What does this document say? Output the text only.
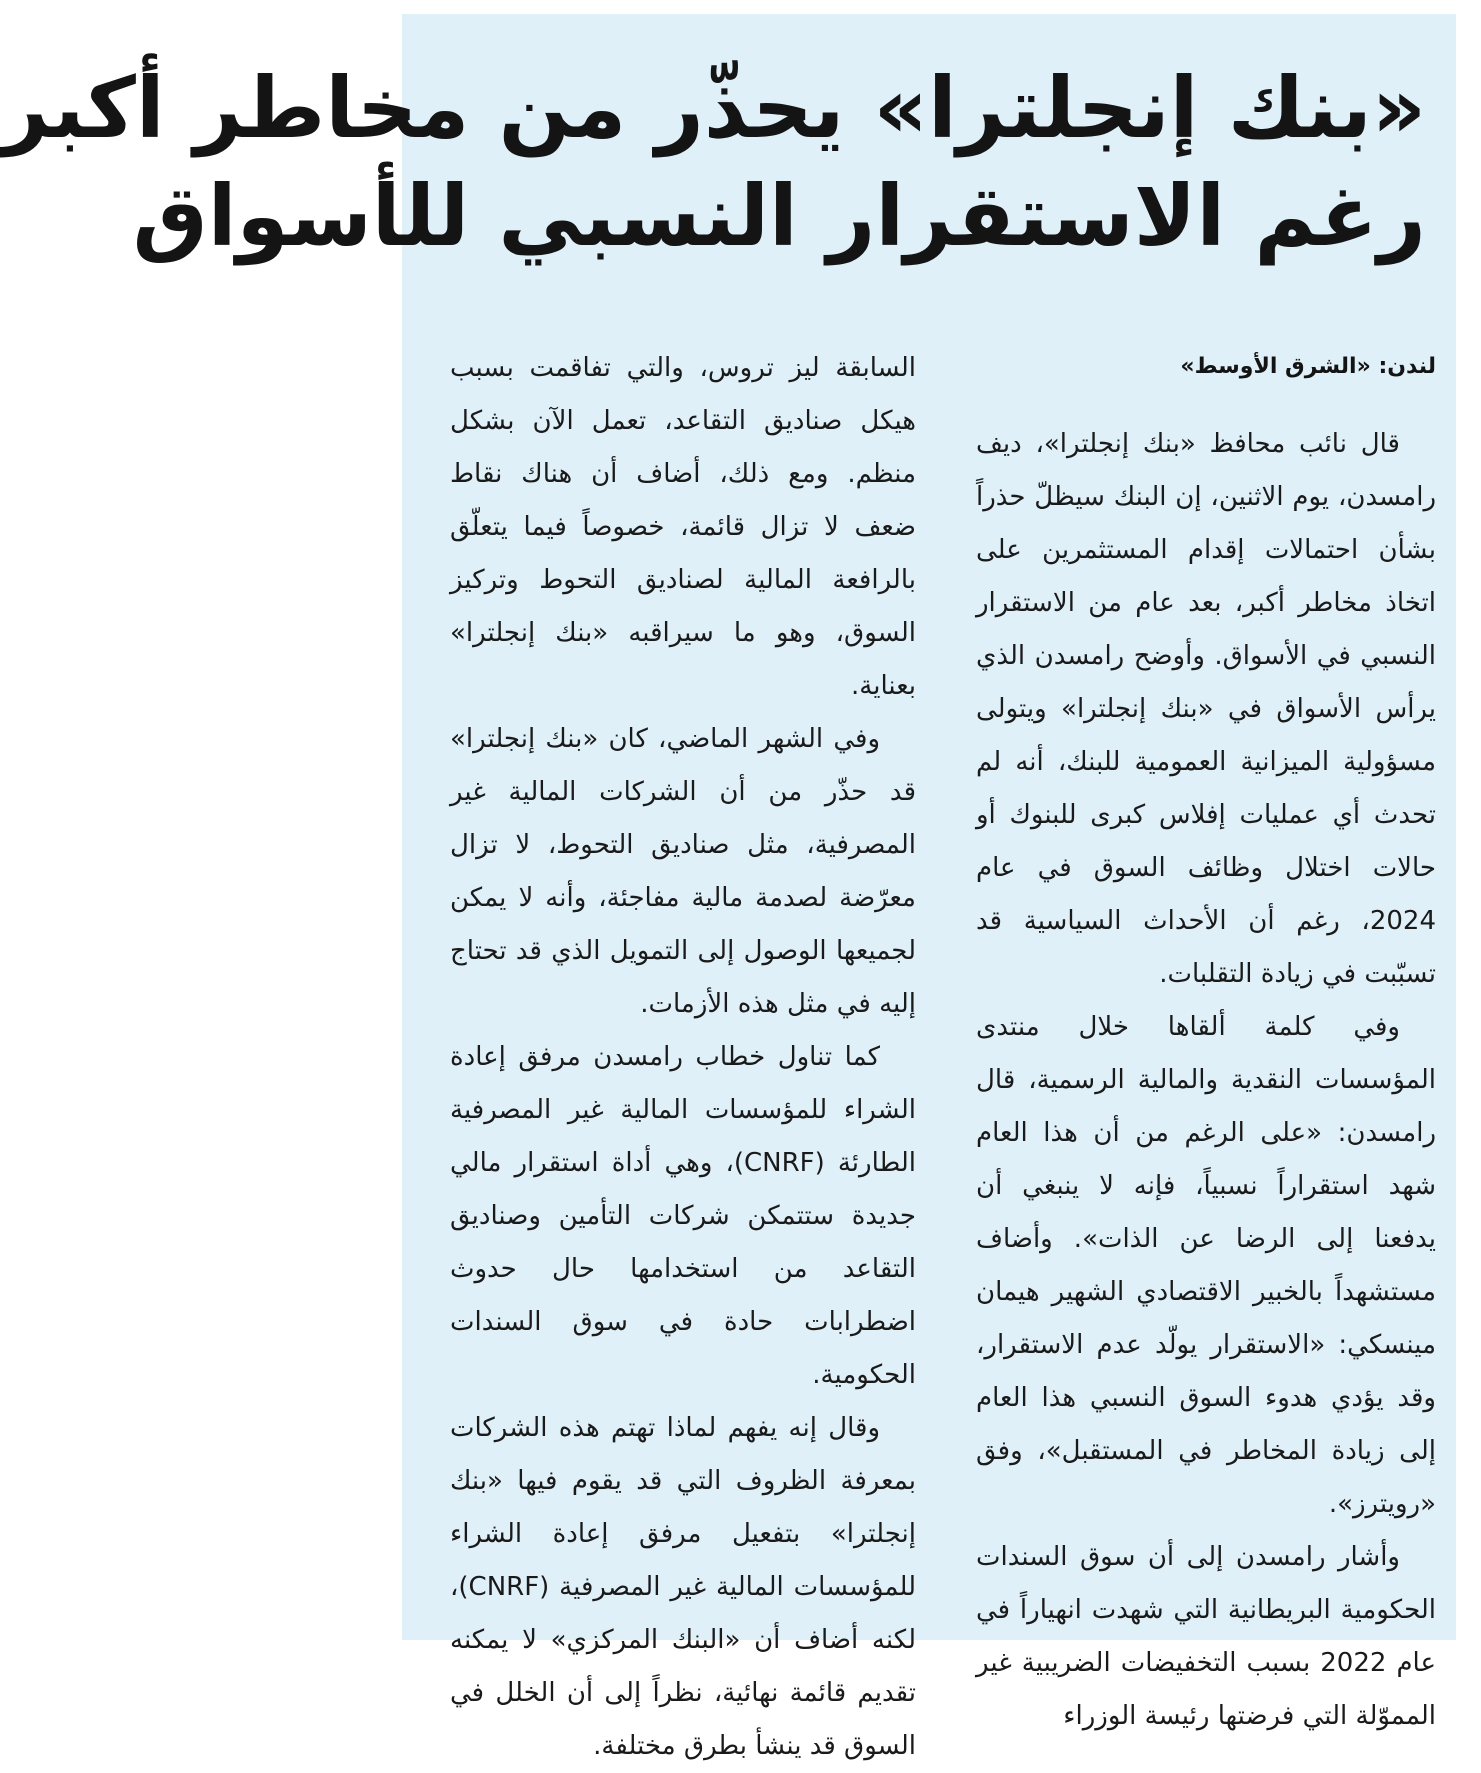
«بنك إنجلترا» يحذّر من مخاطر أكبر
رغم الاستقرار النسبي للأسواق
لندن: «الشرق الأوسط»

قال نائب محافظ «بنك إنجلترا»، ديف رامسدن، يوم الاثنين، إن البنك سيظلّ حذراً بشأن احتمالات إقدام المستثمرين على اتخاذ مخاطر أكبر، بعد عام من الاستقرار النسبي في الأسواق. وأوضح رامسدن الذي يرأس الأسواق في «بنك إنجلترا» ويتولى مسؤولية الميزانية العمومية للبنك، أنه لم تحدث أي عمليات إفلاس كبرى للبنوك أو حالات اختلال وظائف السوق في عام 2024، رغم أن الأحداث السياسية قد تسبّبت في زيادة التقلبات.

وفي كلمة ألقاها خلال منتدى المؤسسات النقدية والمالية الرسمية، قال رامسدن: «على الرغم من أن هذا العام شهد استقراراً نسبياً، فإنه لا ينبغي أن يدفعنا إلى الرضا عن الذات». وأضاف مستشهداً بالخبير الاقتصادي الشهير هيمان مينسكي: «الاستقرار يولّد عدم الاستقرار، وقد يؤدي هدوء السوق النسبي هذا العام إلى زيادة المخاطر في المستقبل»، وفق «رويترز».

وأشار رامسدن إلى أن سوق السندات الحكومية البريطانية التي شهدت انهياراً في عام 2022 بسبب التخفيضات الضريبية غير المموّلة التي فرضتها رئيسة الوزراء

السابقة ليز تروس، والتي تفاقمت بسبب هيكل صناديق التقاعد، تعمل الآن بشكل منظم. ومع ذلك، أضاف أن هناك نقاط ضعف لا تزال قائمة، خصوصاً فيما يتعلّق بالرافعة المالية لصناديق التحوط وتركيز السوق، وهو ما سيراقبه «بنك إنجلترا» بعناية.

وفي الشهر الماضي، كان «بنك إنجلترا» قد حذّر من أن الشركات المالية غير المصرفية، مثل صناديق التحوط، لا تزال معرّضة لصدمة مالية مفاجئة، وأنه لا يمكن لجميعها الوصول إلى التمويل الذي قد تحتاج إليه في مثل هذه الأزمات.

كما تناول خطاب رامسدن مرفق إعادة الشراء للمؤسسات المالية غير المصرفية الطارئة (CNRF)، وهي أداة استقرار مالي جديدة ستتمكن شركات التأمين وصناديق التقاعد من استخدامها حال حدوث اضطرابات حادة في سوق السندات الحكومية.

وقال إنه يفهم لماذا تهتم هذه الشركات بمعرفة الظروف التي قد يقوم فيها «بنك إنجلترا» بتفعيل مرفق إعادة الشراء للمؤسسات المالية غير المصرفية (CNRF)، لكنه أضاف أن «البنك المركزي» لا يمكنه تقديم قائمة نهائية، نظراً إلى أن الخلل في السوق قد ينشأ بطرق مختلفة.
